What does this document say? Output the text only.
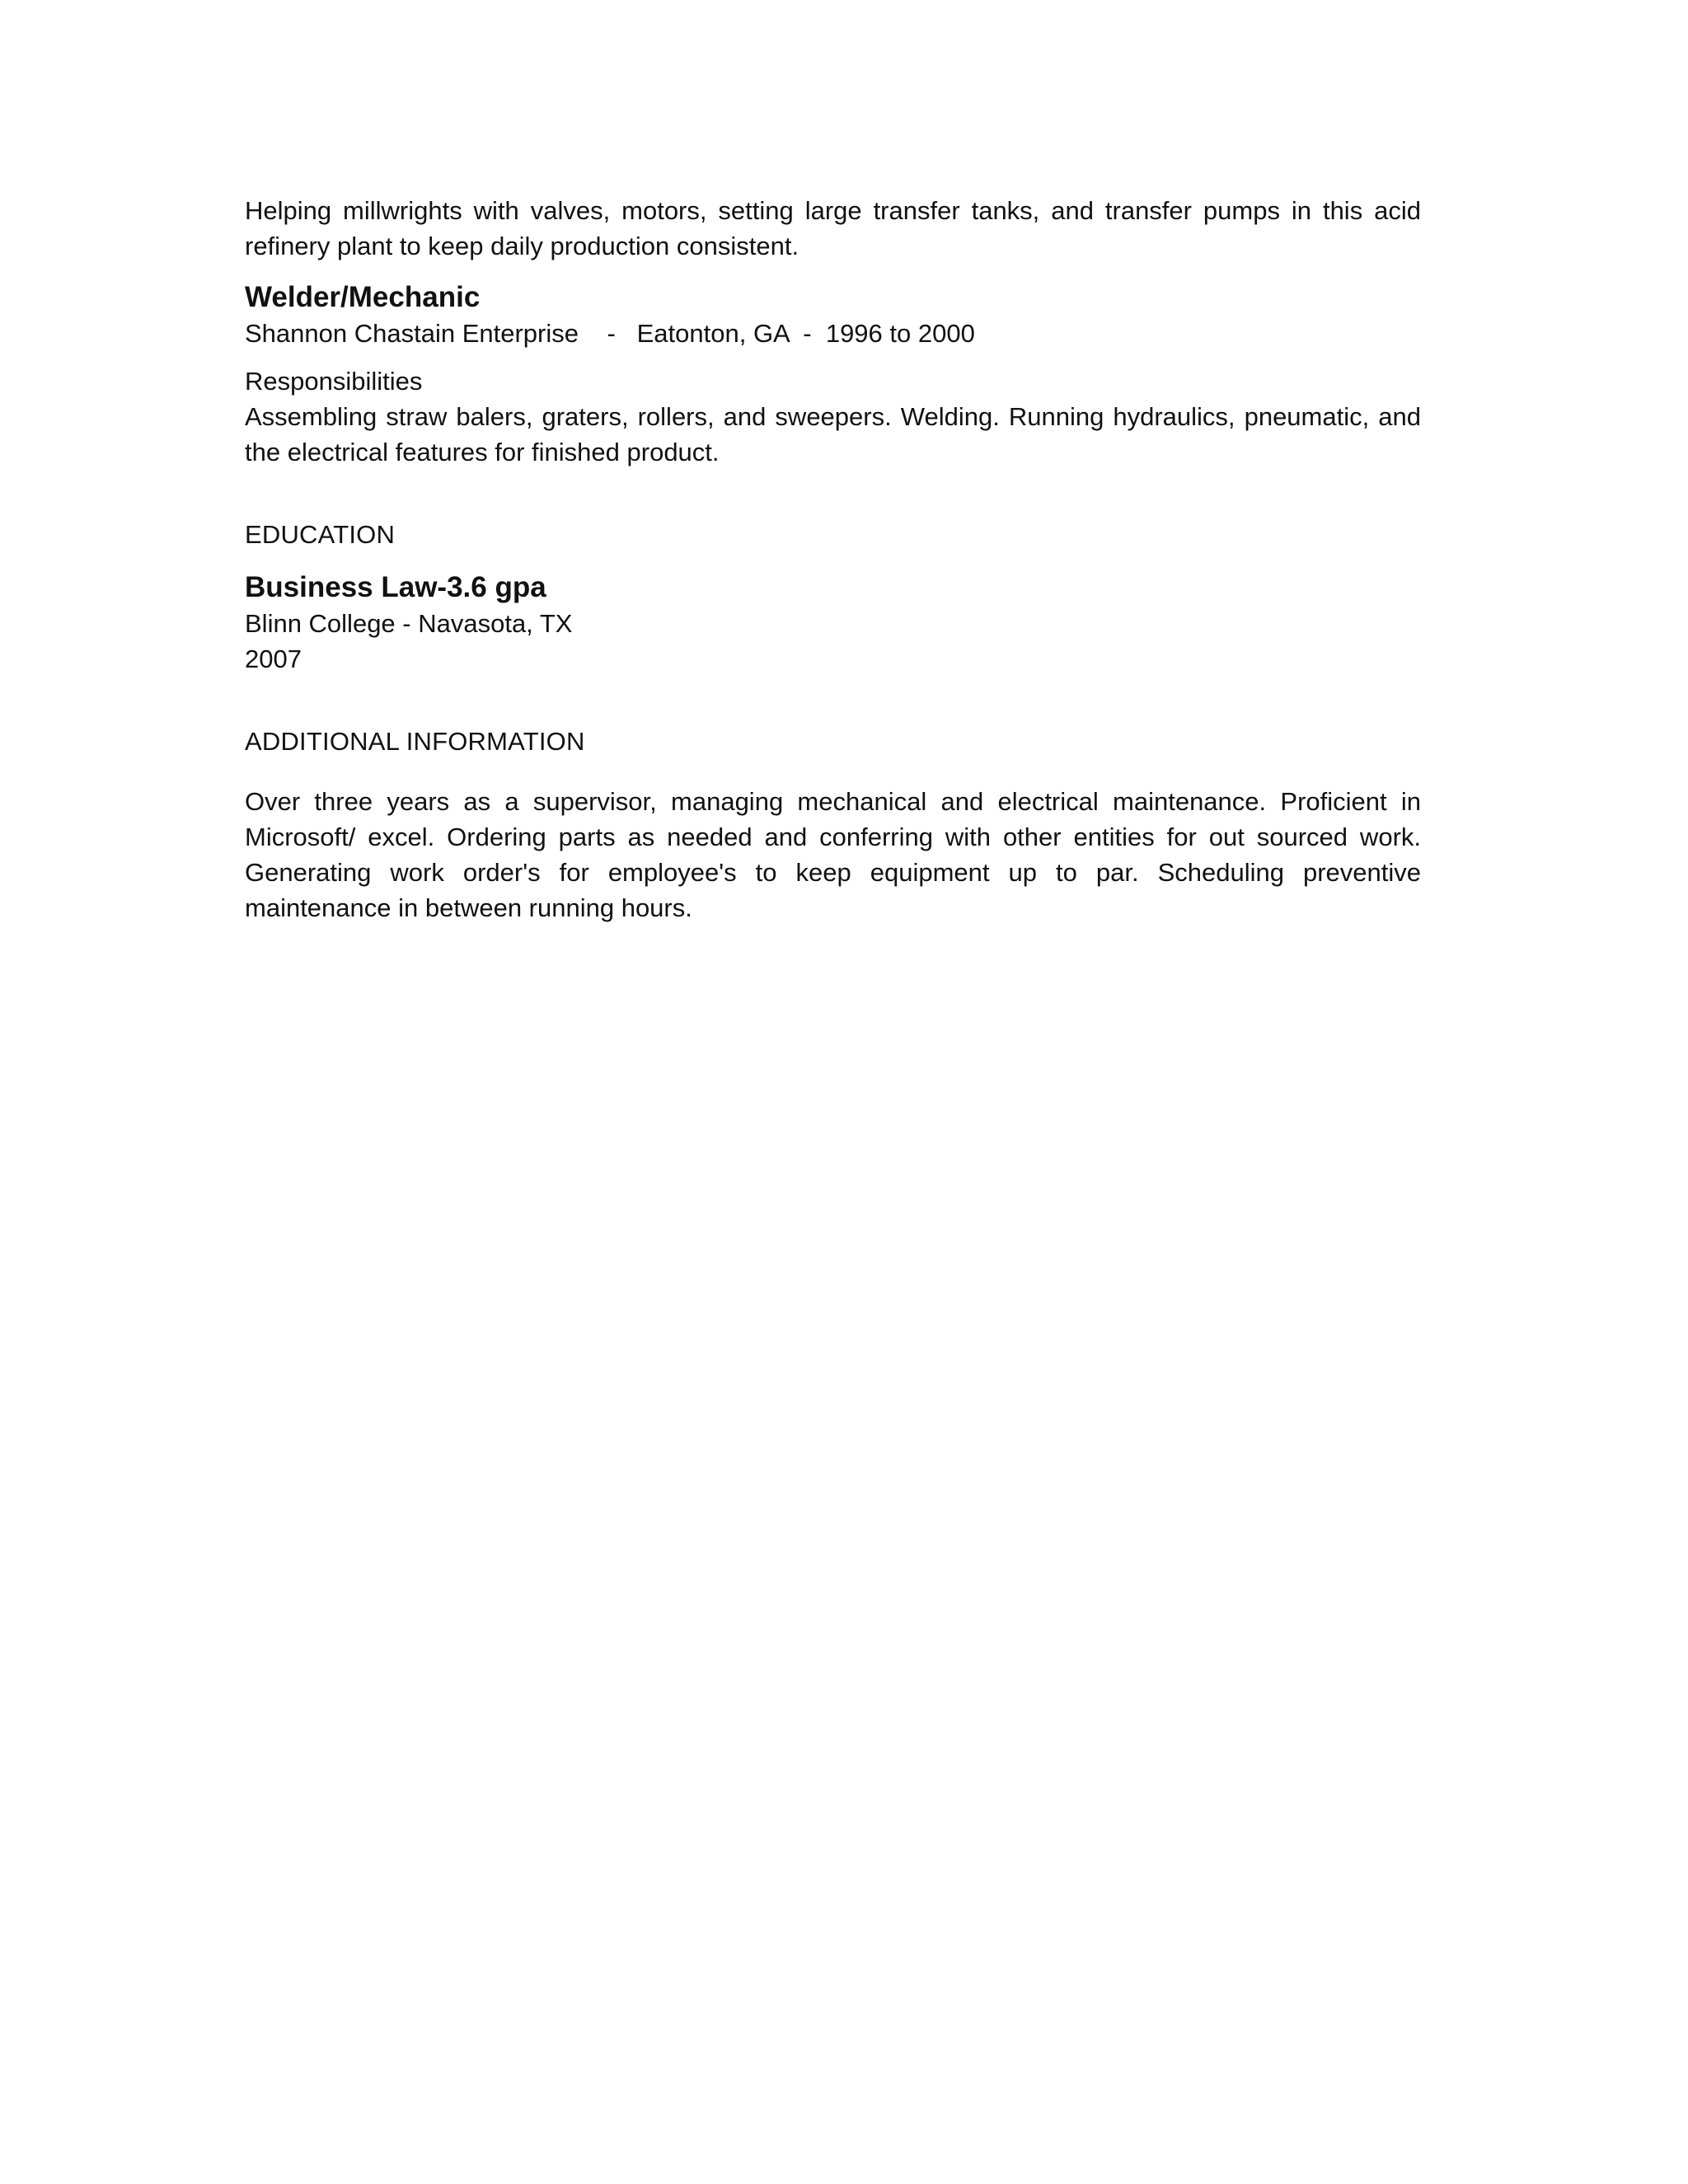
Helping millwrights with valves, motors, setting large transfer tanks, and transfer pumps in this acid refinery plant to keep daily production consistent.

Welder/Mechanic

Shannon Chastain Enterprise - Eatonton, GA - 1996 to 2000

Responsibilities

Assembling straw balers, graters, rollers, and sweepers. Welding. Running hydraulics, pneumatic, and the electrical features for finished product.

EDUCATION

Business Law-3.6 gpa

Blinn College - Navasota, TX

2007

ADDITIONAL INFORMATION

Over three years as a supervisor, managing mechanical and electrical maintenance. Proficient in Microsoft/ excel. Ordering parts as needed and conferring with other entities for out sourced work. Generating work order's for employee's to keep equipment up to par. Scheduling preventive maintenance in between running hours.
